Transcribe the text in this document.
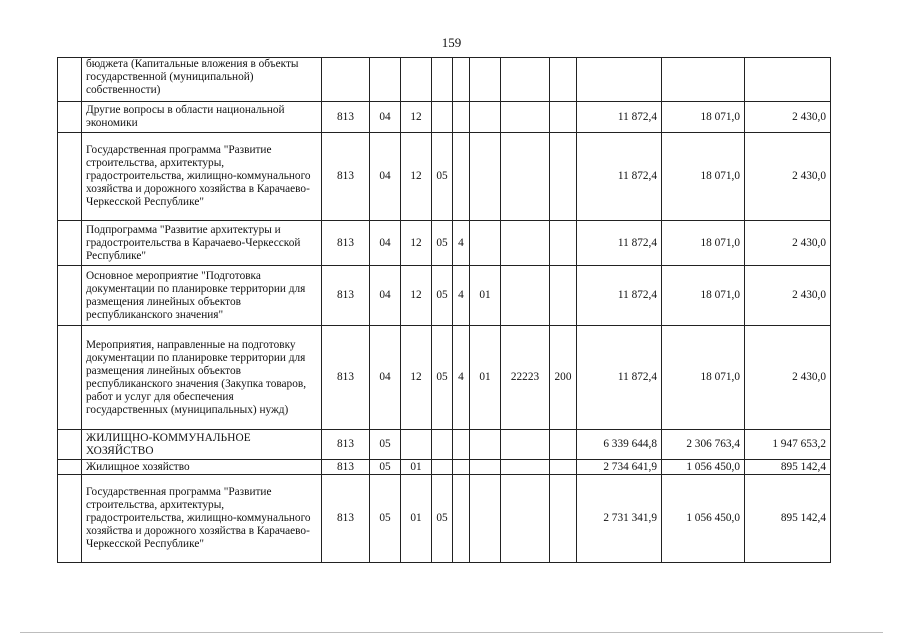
159
	бюджета (Капитальные вложения в объекты государственной (муниципальной) собственности)											
	Другие вопросы в области национальной экономики	813	04	12						11 872,4	18 071,0	2 430,0
	Государственная программа "Развитие строительства, архитектуры, градостроительства, жилищно-коммунального хозяйства и дорожного хозяйства в Карачаево-Черкесской Республике"	813	04	12	05					11 872,4	18 071,0	2 430,0
	Подпрограмма "Развитие архитектуры и градостроительства в Карачаево-Черкесской Республике"	813	04	12	05	4				11 872,4	18 071,0	2 430,0
	Основное мероприятие "Подготовка документации по планировке территории для размещения линейных объектов республиканского значения"	813	04	12	05	4	01			11 872,4	18 071,0	2 430,0
	Мероприятия, направленные на подготовку документации по планировке территории для размещения линейных объектов республиканского значения (Закупка товаров, работ и услуг для обеспечения государственных (муниципальных) нужд)	813	04	12	05	4	01	22223	200	11 872,4	18 071,0	2 430,0
	ЖИЛИЩНО-КОММУНАЛЬНОЕ ХОЗЯЙСТВО	813	05							6 339 644,8	2 306 763,4	1 947 653,2
	Жилищное хозяйство	813	05	01						2 734 641,9	1 056 450,0	895 142,4
	Государственная программа "Развитие строительства, архитектуры, градостроительства, жилищно-коммунального хозяйства и дорожного хозяйства в Карачаево-Черкесской Республике"	813	05	01	05					2 731 341,9	1 056 450,0	895 142,4
